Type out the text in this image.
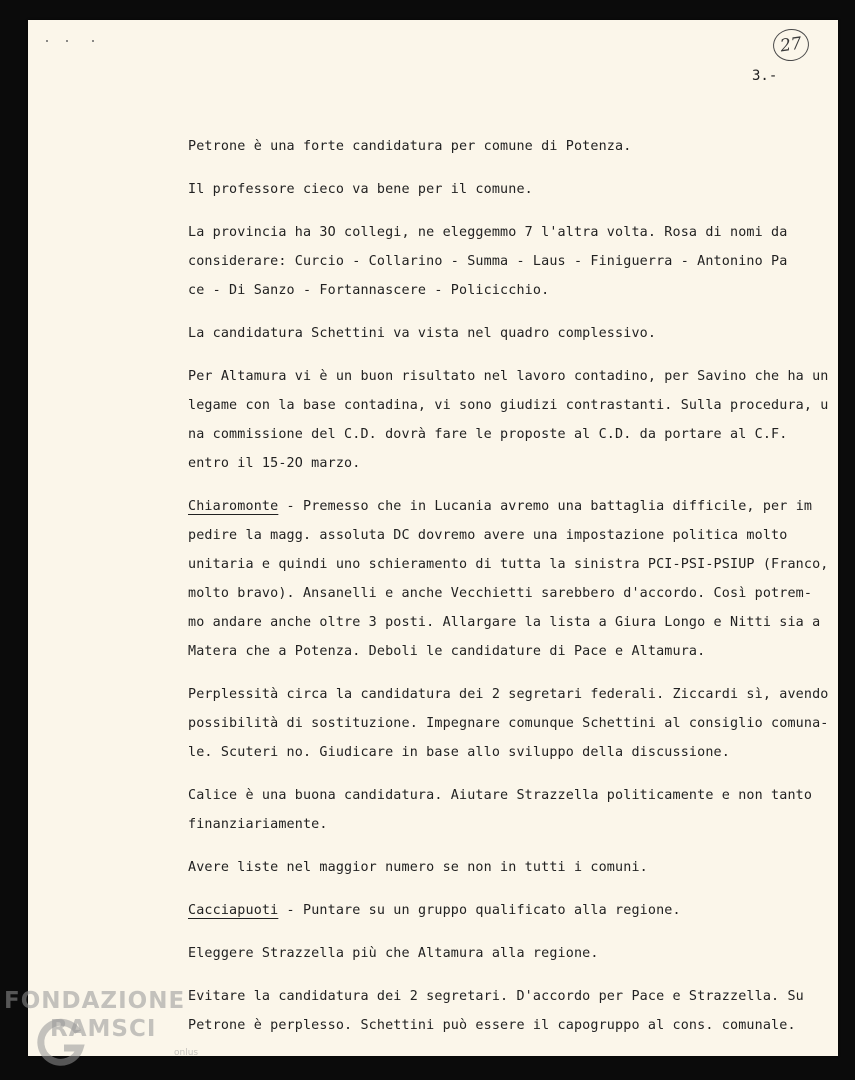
27
3.-
Petrone è una forte candidatura per comune di Potenza.
Il professore cieco va bene per il comune.
La provincia ha 3O collegi, ne eleggemmo 7 l'altra volta. Rosa di nomi da
considerare: Curcio - Collarino - Summa - Laus - Finiguerra - Antonino Pa
ce - Di Sanzo - Fortannascere - Policicchio.
La candidatura Schettini va vista nel quadro complessivo.
Per Altamura vi è un buon risultato nel lavoro contadino, per Savino che ha un
legame con la base contadina, vi sono giudizi contrastanti. Sulla procedura, u
na commissione del C.D. dovrà fare le proposte al C.D. da portare al C.F.
entro il 15-2O marzo.
Chiaromonte - Premesso che in Lucania avremo una battaglia difficile, per im
pedire la magg. assoluta DC dovremo avere una impostazione politica molto
unitaria e quindi uno schieramento di tutta la sinistra PCI-PSI-PSIUP (Franco,
molto bravo). Ansanelli e anche Vecchietti sarebbero d'accordo. Così potrem-
mo andare anche oltre 3 posti. Allargare la lista a Giura Longo e Nitti sia a
Matera che a Potenza. Deboli le candidature di Pace e Altamura.
Perplessità circa la candidatura dei 2 segretari federali. Ziccardi sì, avendo
possibilità di sostituzione. Impegnare comunque Schettini al consiglio comuna-
le. Scuteri no. Giudicare in base allo sviluppo della discussione.
Calice è una buona candidatura. Aiutare Strazzella politicamente e non tanto
finanziariamente.
Avere liste nel maggior numero se non in tutti i comuni.
Cacciapuoti - Puntare su un gruppo qualificato alla regione.
Eleggere Strazzella più che Altamura alla regione.
Evitare la candidatura dei 2 segretari. D'accordo per Pace e Strazzella. Su
Petrone è perplesso. Schettini può essere il capogruppo al cons. comunale.
FONDAZIONE
RAMSCI
onlus
